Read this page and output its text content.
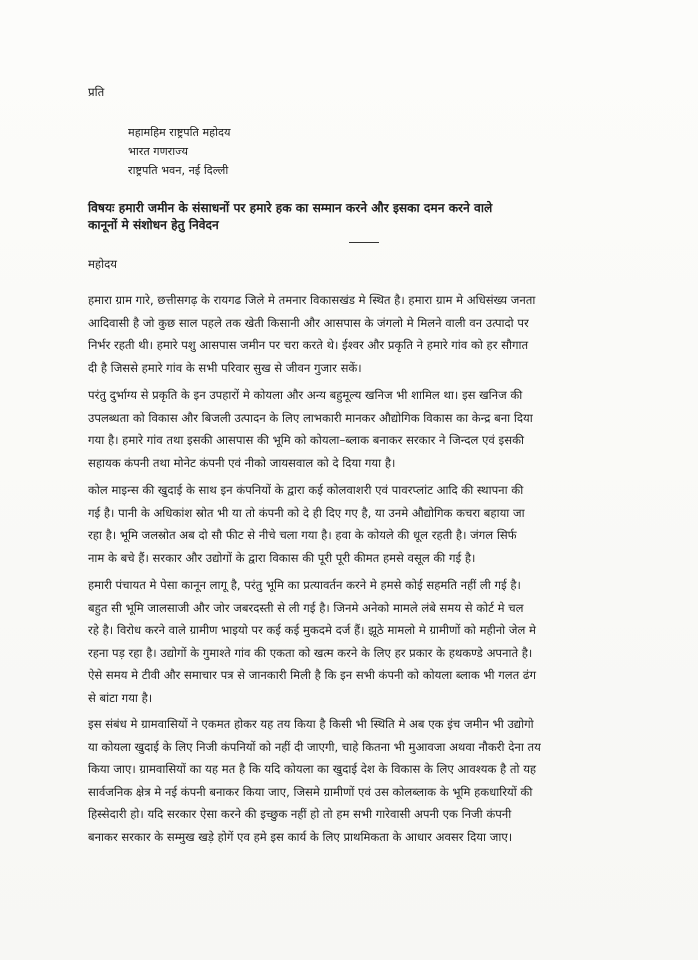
प्रति
महामहिम राष्ट्रपति महोदय
भारत गणराज्य
राष्ट्रपति भवन, नई दिल्ली
विषयः हमारी जमीन के संसाधनों पर हमारे हक का सम्मान करने और इसका दमन करने वाले
कानूनों मे संशोधन हेतु निवेदन
महोदय
हमारा ग्राम गारे, छत्तीसगढ़ के रायगढ जिले मे तमनार विकासखंड मे स्थित है। हमारा ग्राम मे अधिसंख्य जनता
आदिवासी है जो कुछ साल पहले तक खेती किसानी और आसपास के जंगलो मे मिलने वाली वन उत्पादो पर
निर्भर रहती थी। हमारे पशु आसपास जमीन पर चरा करते थे। ईश्वर और प्रकृति ने हमारे गांव को हर सौगात
दी है जिससे हमारे गांव के सभी परिवार सुख से जीवन गुजार सकें।
परंतु दुर्भाग्य से प्रकृति के इन उपहारों मे कोयला और अन्य बहुमूल्य खनिज भी शामिल था। इस खनिज की
उपलब्धता को विकास और बिजली उत्पादन के लिए लाभकारी मानकर औद्योगिक विकास का केन्द्र बना दिया
गया है। हमारे गांव तथा इसकी आसपास की भूमि को कोयला–ब्लाक बनाकर सरकार ने जिन्दल एवं इसकी
सहायक कंपनी तथा मोनेट कंपनी एवं नीको जायसवाल को दे दिया गया है।
कोल माइन्स की खुदाई के साथ इन कंपनियों के द्वारा कई कोलवाशरी एवं पावरप्लांट आदि की स्थापना की
गई है। पानी के अधिकांश स्रोत भी या तो कंपनी को दे ही दिए गए है, या उनमे औद्योगिक कचरा बहाया जा
रहा है। भूमि जलस्रोत अब दो सौ फीट से नीचे चला गया है। हवा के कोयले की धूल रहती है। जंगल सिर्फ
नाम के बचे हैं। सरकार और उद्योगों के द्वारा विकास की पूरी पूरी कीमत हमसे वसूल की गई है।
हमारी पंचायत मे पेसा कानून लागू है, परंतु भूमि का प्रत्यावर्तन करने मे हमसे कोई सहमति नहीं ली गई है।
बहुत सी भूमि जालसाजी और जोर जबरदस्ती से ली गई है। जिनमे अनेको मामले लंबे समय से कोर्ट मे चल
रहे है। विरोध करने वाले ग्रामीण भाइयो पर कई कई मुकदमे दर्ज हैं। झूठे मामलो मे ग्रामीणों को महीनो जेल मे
रहना पड़ रहा है। उद्योगों के गुमाश्ते गांव की एकता को खत्म करने के लिए हर प्रकार के हथकण्डे अपनाते है।
ऐसे समय मे टीवी और समाचार पत्र से जानकारी मिली है कि इन सभी कंपनी को कोयला ब्लाक भी गलत ढंग
से बांटा गया है।
इस संबंध मे ग्रामवासियों ने एकमत होकर यह तय किया है किसी भी स्थिति मे अब एक इंच जमीन भी उद्योगो
या कोयला खुदाई के लिए निजी कंपनियों को नहीं दी जाएगी, चाहे कितना भी मुआवजा अथवा नौकरी देना तय
किया जाए। ग्रामवासियों का यह मत है कि यदि कोयला का खुदाई देश के विकास के लिए आवश्यक है तो यह
सार्वजनिक क्षेत्र मे नई कंपनी बनाकर किया जाए, जिसमे ग्रामीणों एवं उस कोलब्लाक के भूमि हकधारियों की
हिस्सेदारी हो। यदि सरकार ऐसा करने की इच्छुक नहीं हो तो हम सभी गारेवासी अपनी एक निजी कंपनी
बनाकर सरकार के सम्मुख खड़े होगें एव हमे इस कार्य के लिए प्राथमिकता के आधार अवसर दिया जाए।
